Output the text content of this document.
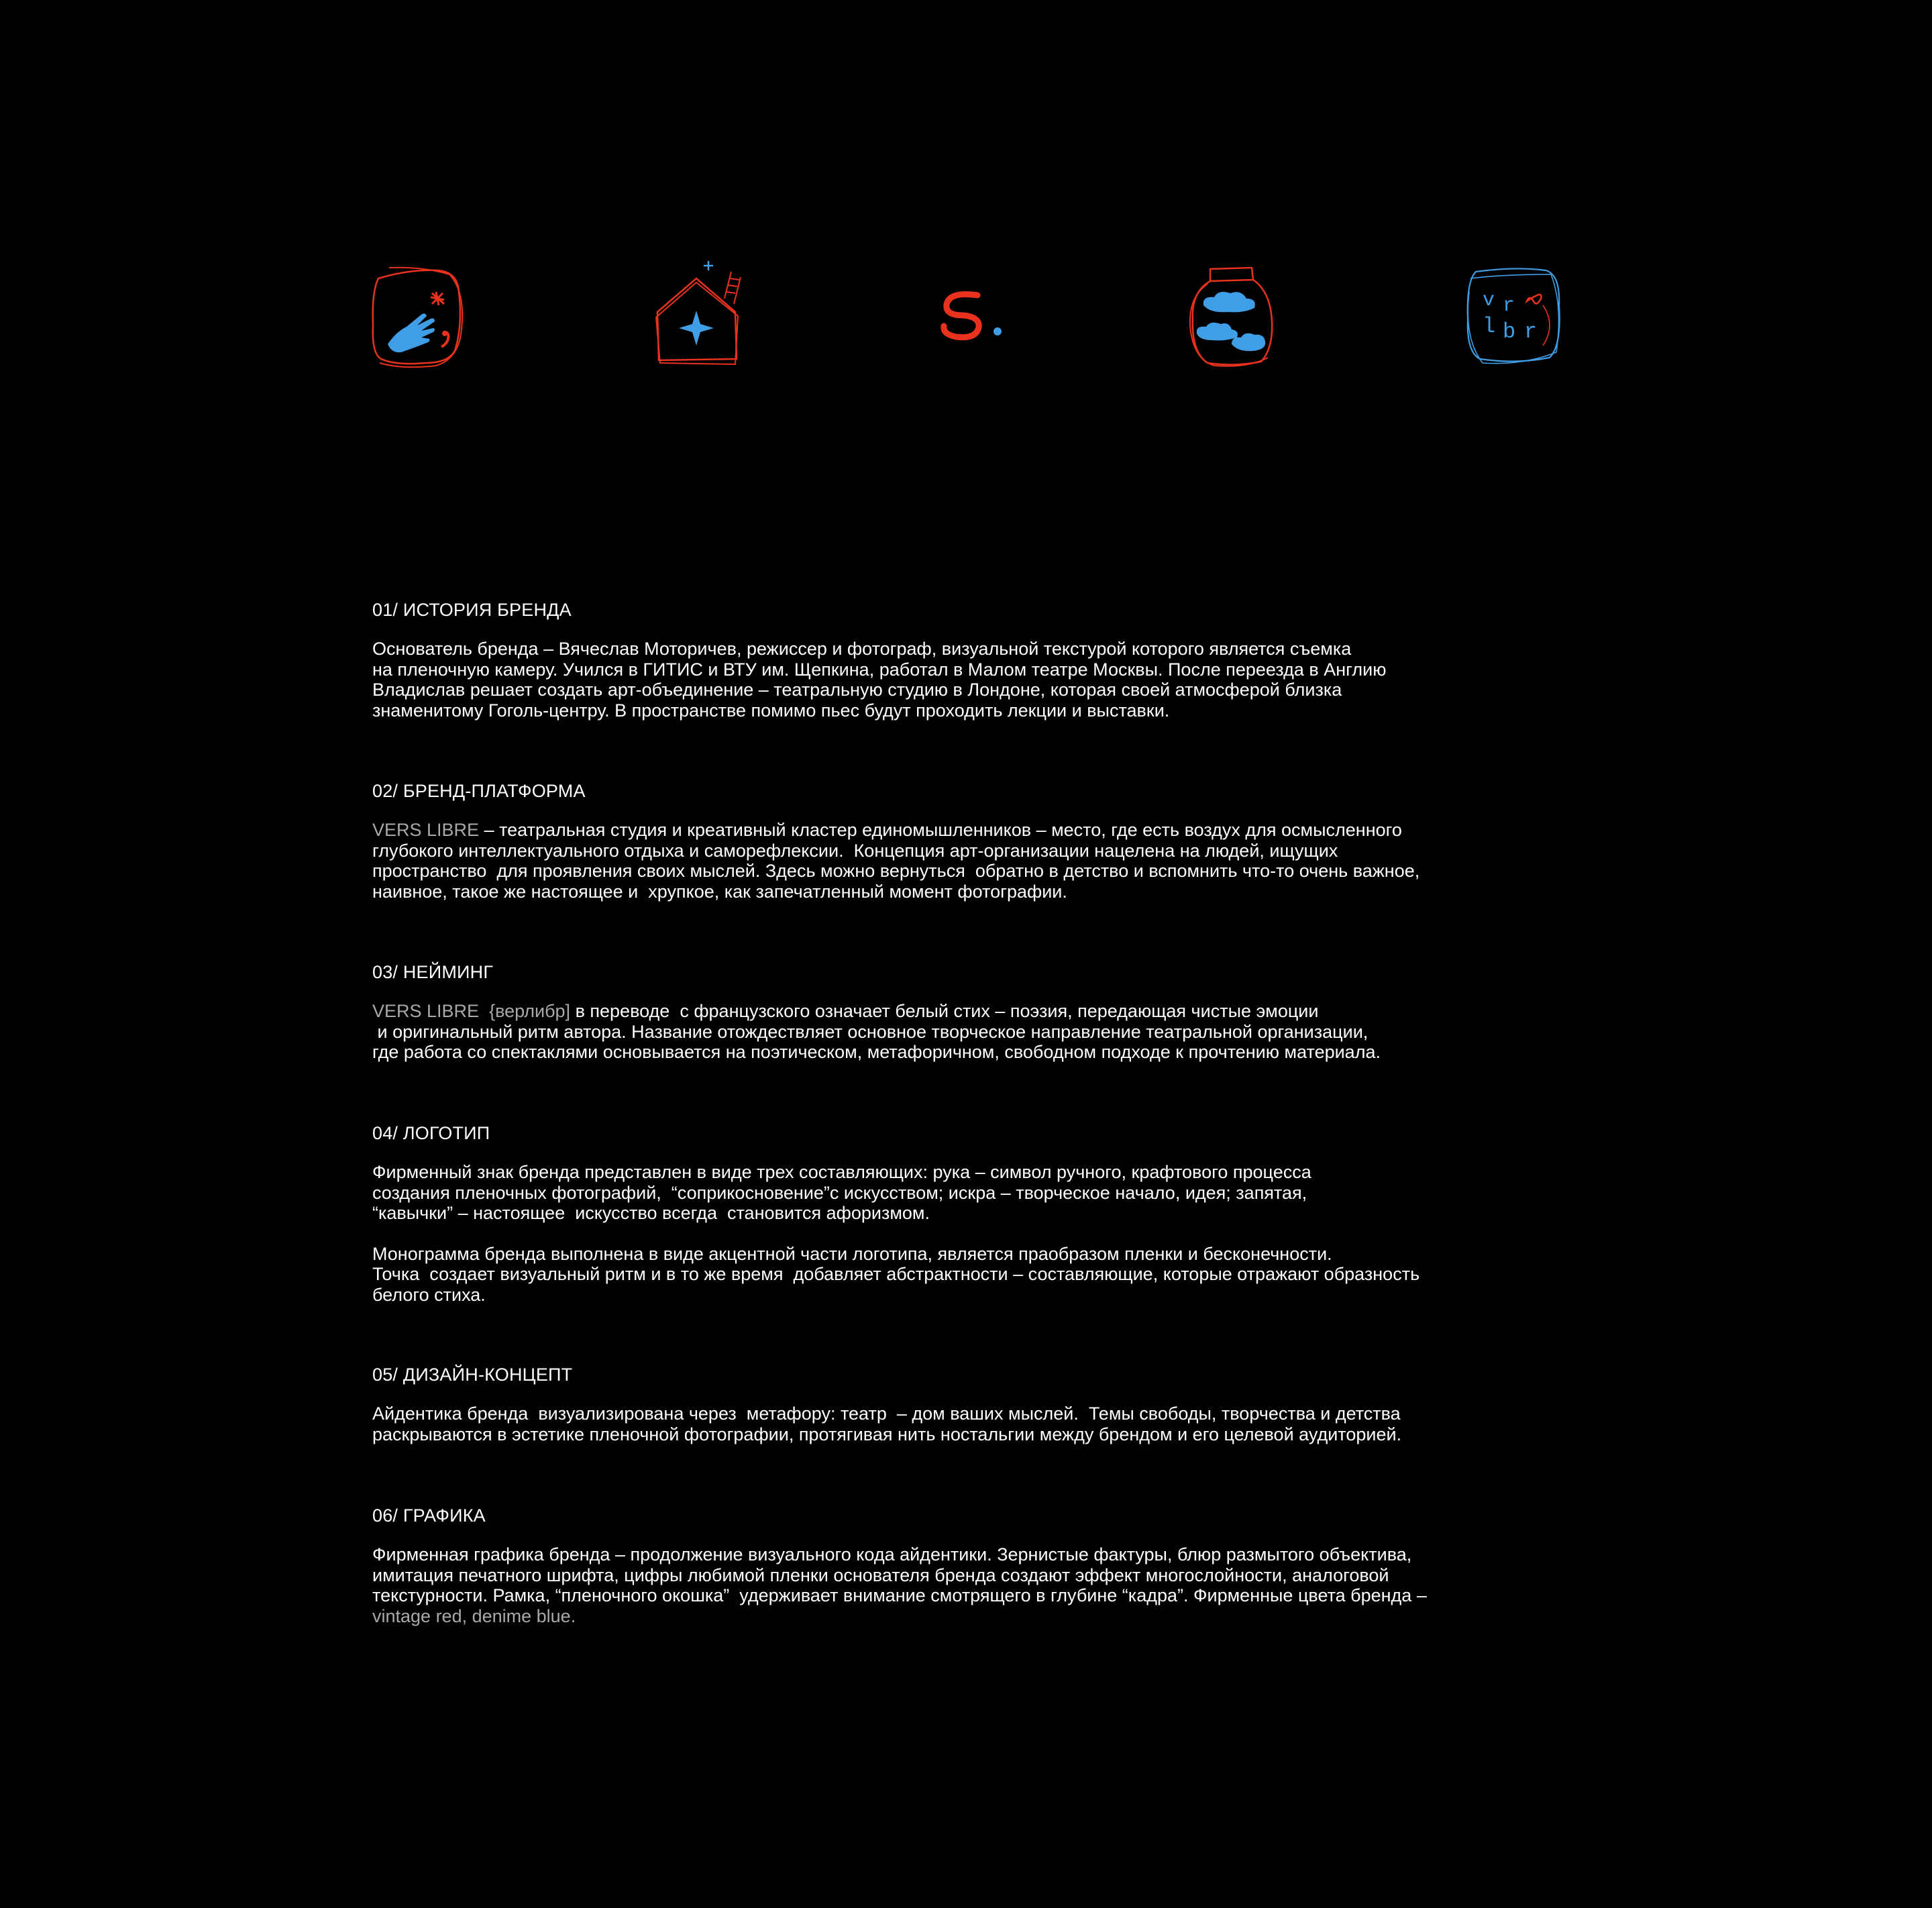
v r
l b r
01/ ИСТОРИЯ БРЕНДА

Основатель бренда – Вячеслав Моторичев, режиссер и фотограф, визуальной текстурой которого является съемка

на пленочную камеру. Учился в ГИТИС и ВТУ им. Щепкина, работал в Малом театре Москвы. После переезда в Англию

Владислав решает создать арт-объединение – театральную студию в Лондоне, которая своей атмосферой близка

знаменитому Гоголь-центру. В пространстве помимо пьес будут проходить лекции и выставки.

02/ БРЕНД-ПЛАТФОРМА

VERS LIBRE – театральная студия и креативный кластер единомышленников – место, где есть воздух для осмысленного

глубокого интеллектуального отдыха и саморефлексии.  Концепция арт-организации нацелена на людей, ищущих

пространство  для проявления своих мыслей. Здесь можно вернуться  обратно в детство и вспомнить что-то очень важное,

наивное, такое же настоящее и  хрупкое, как запечатленный момент фотографии.

03/ НЕЙМИНГ

VERS LIBRE  {верлибр] в переводе  с французского означает белый стих – поэзия, передающая чистые эмоции

и оригинальный ритм автора. Название отождествляет основное творческое направление театральной организации,

где работа со спектаклями основывается на поэтическом, метафоричном, свободном подходе к прочтению материала.

04/ ЛОГОТИП

Фирменный знак бренда представлен в виде трех составляющих: рука – символ ручного, крафтового процесса

создания пленочных фотографий,  “соприкосновение”с искусством; искра – творческое начало, идея; запятая,

“кавычки” – настоящее  искусство всегда  становится афоризмом.

Монограмма бренда выполнена в виде акцентной части логотипа, является праобразом пленки и бесконечности.

Точка  создает визуальный ритм и в то же время  добавляет абстрактности – составляющие, которые отражают образность

белого стиха.

05/ ДИЗАЙН-КОНЦЕПТ

Айдентика бренда  визуализирована через  метафору: театр  – дом ваших мыслей.  Темы свободы, творчества и детства

раскрываются в эстетике пленочной фотографии, протягивая нить ностальгии между брендом и его целевой аудиторией.

06/ ГРАФИКА

Фирменная графика бренда – продолжение визуального кода айдентики. Зернистые фактуры, блюр размытого объектива,

имитация печатного шрифта, цифры любимой пленки основателя бренда создают эффект многослойности, аналоговой

текстурности. Рамка, “пленочного окошка”  удерживает внимание смотрящего в глубине “кадра”. Фирменные цвета бренда –

vintage red, denime blue.
